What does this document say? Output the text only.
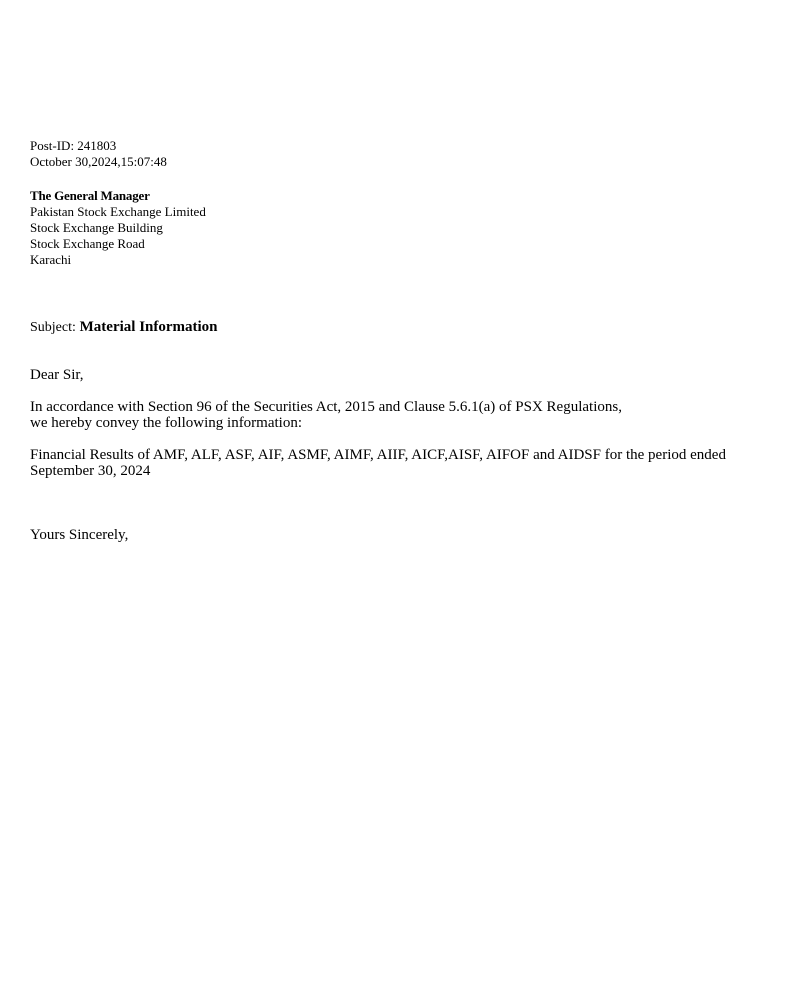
Post-ID: 241803
October 30,2024,15:07:48
The General Manager
Pakistan Stock Exchange Limited
Stock Exchange Building
Stock Exchange Road
Karachi
Subject: Material Information
Dear Sir,
In accordance with Section 96 of the Securities Act, 2015 and Clause 5.6.1(a) of PSX Regulations,
we hereby convey the following information:
Financial Results of AMF, ALF, ASF, AIF, ASMF, AIMF, AIIF, AICF,AISF, AIFOF and AIDSF for the period ended
September 30, 2024
Yours Sincerely,
